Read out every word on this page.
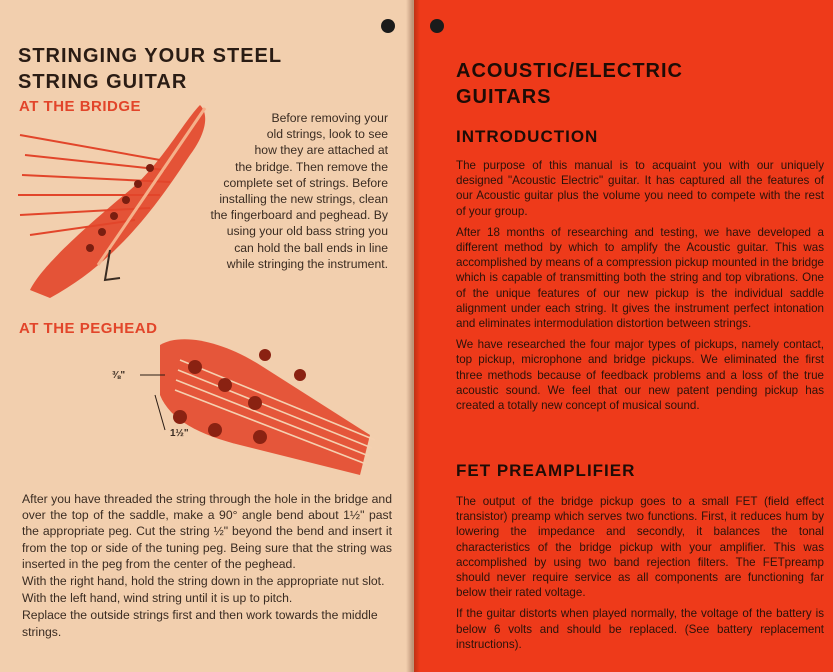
STRINGING YOUR STEEL
STRING GUITAR
AT THE BRIDGE
Before removing your
old strings, look to see
how they are attached at
the bridge. Then remove the
complete set of strings. Before
installing the new strings, clean
the fingerboard and peghead. By
using your old bass string you
can hold the ball ends in line
while stringing the instrument.
AT THE PEGHEAD
⅜"
1½"

After you have threaded the string through the hole in the bridge and over the top of the saddle, make a 90° angle bend about 1½" past the appropriate peg. Cut the string ½" beyond the bend and insert it from the top or side of the tuning peg. Being sure that the string was inserted in the peg from the center of the peghead.

With the right hand, hold the string down in the appropriate nut slot.

With the left hand, wind string until it is up to pitch.

Replace the outside strings first and then work towards the middle strings.

ACOUSTIC/ELECTRIC
GUITARS
INTRODUCTION

The purpose of this manual is to acquaint you with our uniquely designed "Acoustic Electric" guitar. It has captured all the features of our Acoustic guitar plus the volume you need to compete with the rest of your group.

After 18 months of researching and testing, we have developed a different method by which to amplify the Acoustic guitar. This was accomplished by means of a compression pickup mounted in the bridge which is capable of transmitting both the string and top vibrations. One of the unique features of our new pickup is the individual saddle alignment under each string. It gives the instrument perfect intonation and eliminates intermodulation distortion between strings.

We have researched the four major types of pickups, namely contact, top pickup, microphone and bridge pickups. We eliminated the first three methods because of feedback problems and a loss of the true acoustic sound. We feel that our new patent pending pickup has created a totally new concept of musical sound.

FET PREAMPLIFIER

The output of the bridge pickup goes to a small FET (field effect transistor) preamp which serves two functions. First, it reduces hum by lowering the impedance and secondly, it balances the tonal characteristics of the bridge pickup with your amplifier. This was accomplished by using two band rejection filters. The FETpreamp should never require service as all components are functioning far below their rated voltage.

If the guitar distorts when played normally, the voltage of the battery is below 6 volts and should be replaced. (See battery replacement instructions).
